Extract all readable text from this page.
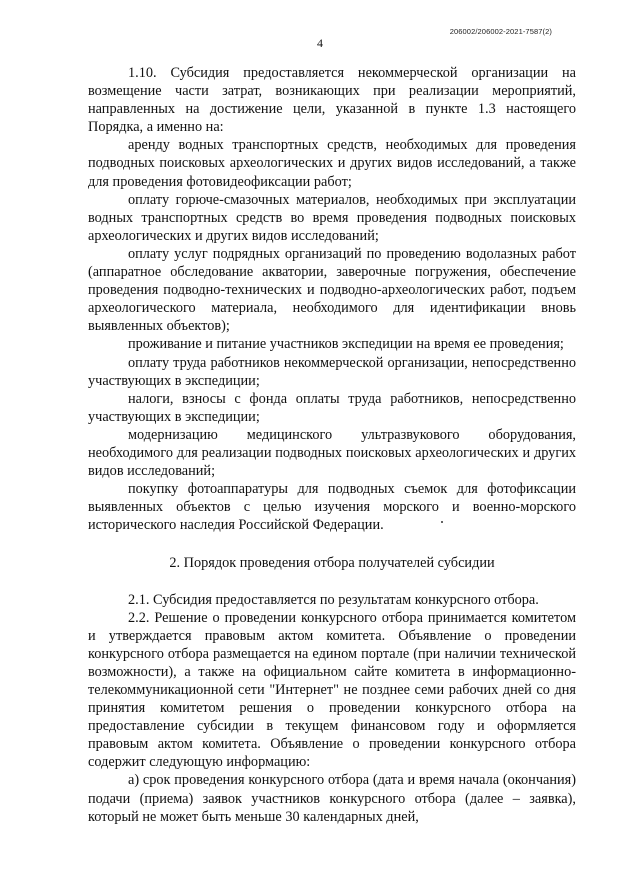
206002/206002-2021-7587(2)
4

1.10. Субсидия предоставляется некоммерческой организации на возмещение части затрат, возникающих при реализации мероприятий, направленных на достижение цели, указанной в пункте 1.3 настоящего Порядка, а именно на:

аренду водных транспортных средств, необходимых для проведения подводных поисковых археологических и других видов исследований, а также для проведения фотовидеофиксации работ;

оплату горюче-смазочных материалов, необходимых при эксплуатации водных транспортных средств во время проведения подводных поисковых археологических и других видов исследований;

оплату услуг подрядных организаций по проведению водолазных работ (аппаратное обследование акватории, заверочные погружения, обеспечение проведения подводно-технических и подводно-археологических работ, подъем археологического материала, необходимого для идентификации вновь выявленных объектов);

проживание и питание участников экспедиции на время ее проведения;

оплату труда работников некоммерческой организации, непосредственно участвующих в экспедиции;

налоги, взносы с фонда оплаты труда работников, непосредственно участвующих в экспедиции;

модернизацию медицинского ультразвукового оборудования, необходимого для реализации подводных поисковых археологических и других видов исследований;

покупку фотоаппаратуры для подводных съемок для фотофиксации выявленных объектов с целью изучения морского и военно-морского исторического наследия Российской Федерации.

2. Порядок проведения отбора получателей субсидии

2.1. Субсидия предоставляется по результатам конкурсного отбора.

2.2. Решение о проведении конкурсного отбора принимается комитетом и утверждается правовым актом комитета. Объявление о проведении конкурсного отбора размещается на едином портале (при наличии технической возможности), а также на официальном сайте комитета в информационно-телекоммуникационной сети "Интернет" не позднее семи рабочих дней со дня принятия комитетом решения о проведении конкурсного отбора на предоставление субсидии в текущем финансовом году и оформляется правовым актом комитета. Объявление о проведении конкурсного отбора содержит следующую информацию:

а) срок проведения конкурсного отбора (дата и время начала (окончания) подачи (приема) заявок участников конкурсного отбора (далее – заявка), который не может быть меньше 30 календарных дней,
